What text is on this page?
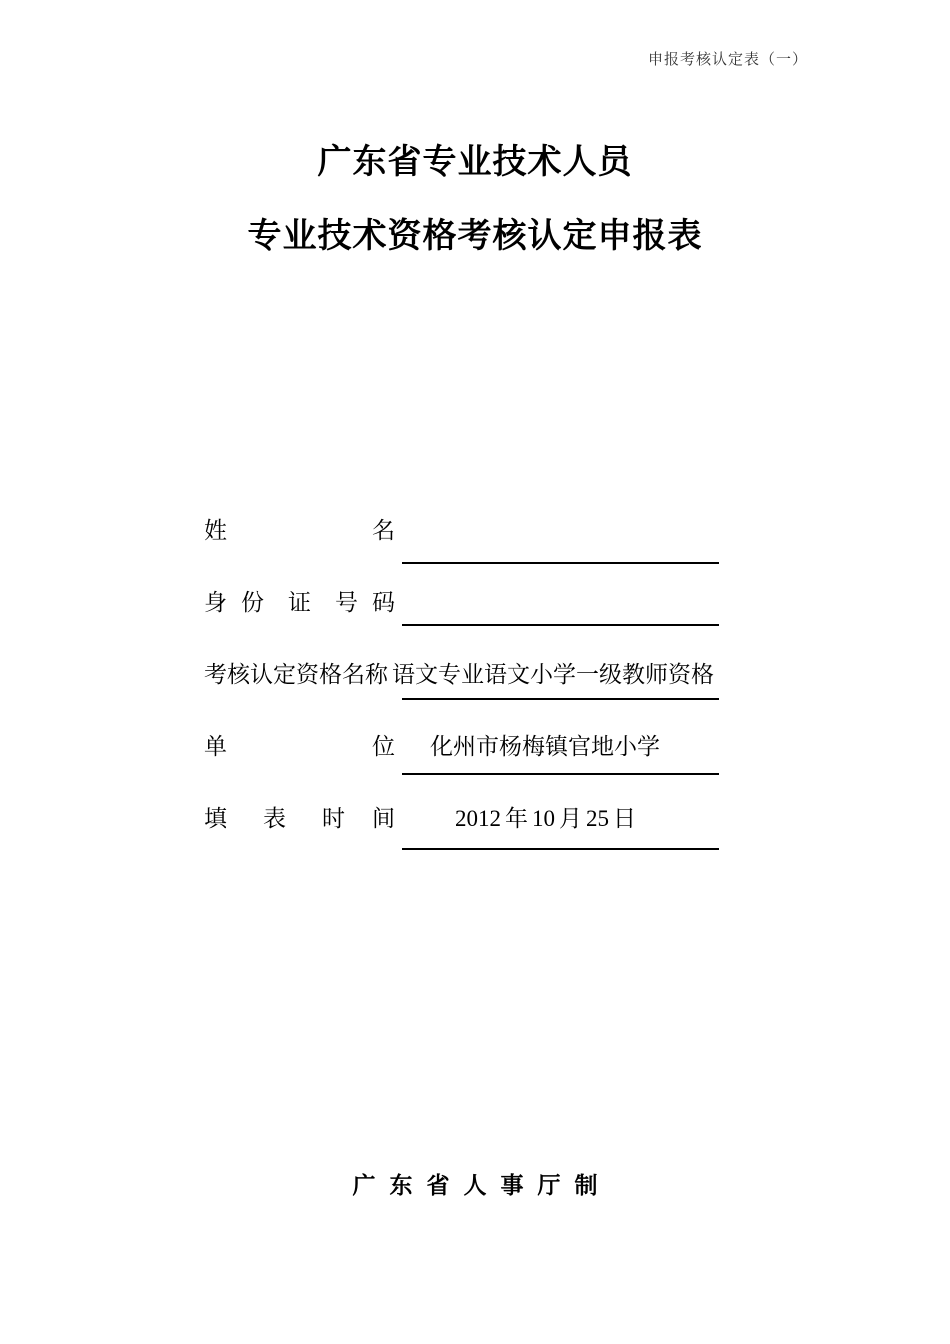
申报考核认定表（一）
广东省专业技术人员
专业技术资格考核认定申报表
姓	名
身 份 证 号 码
考核认定资格名称 语文专业语文小学一级教师资格
单	位 化州市杨梅镇官地小学
填 表 时 间	2012 年 10 月 25 日
广东省人事厅制
